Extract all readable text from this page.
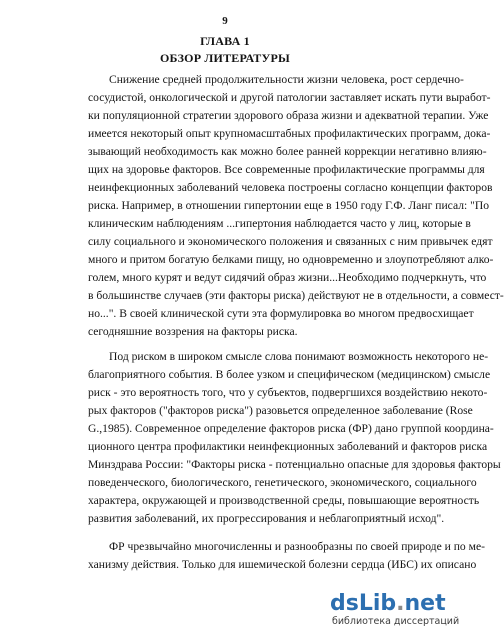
9
ГЛАВА 1
ОБЗОР ЛИТЕРАТУРЫ
Снижение средней продолжительности жизни человека, рост сердечно-
сосудистой, онкологической и другой патологии заставляет искать пути выработ-
ки популяционной стратегии здорового образа жизни и адекватной терапии. Уже
имеется некоторый опыт крупномасштабных профилактических программ, дока-
зывающий необходимость как можно более ранней коррекции негативно влияю-
щих на здоровье факторов. Все современные профилактические программы для
неинфекционных заболеваний человека построены согласно концепции факторов
риска. Например, в отношении гипертонии еще в 1950 году Г.Ф. Ланг писал: "По
клиническим наблюдениям ...гипертония наблюдается часто у лиц, которые в
силу социального и экономического положения и связанных с ним привычек едят
много и притом богатую белками пищу, но одновременно и злоупотребляют алко-
голем, много курят и ведут сидячий образ жизни...Необходимо подчеркнуть, что
в большинстве случаев (эти факторы риска) действуют не в отдельности, а совмест-
но...". В своей клинической сути эта формулировка во многом предвосхищает
сегодняшние воззрения на факторы риска.
Под риском в широком смысле слова понимают возможность некоторого не-
благоприятного события. В более узком и специфическом (медицинском) смысле
риск - это вероятность того, что у субъектов, подвергшихся воздействию некото-
рых факторов ("факторов риска") разовьется определенное заболевание (Rose
G.,1985). Современное определение факторов риска (ФР) дано группой координа-
ционного центра профилактики неинфекционных заболеваний и факторов риска
Минздрава России: "Факторы риска - потенциально опасные для здоровья факторы
поведенческого, биологического, генетического, экономического, социального
характера, окружающей и производственной среды, повышающие вероятность
развития заболеваний, их прогрессирования и неблагоприятный исход".
ФР чрезвычайно многочисленны и разнообразны по своей природе и по ме-
ханизму действия. Только для ишемической болезни сердца (ИБС) их описано
dsLib.net
библиотека диссертаций
